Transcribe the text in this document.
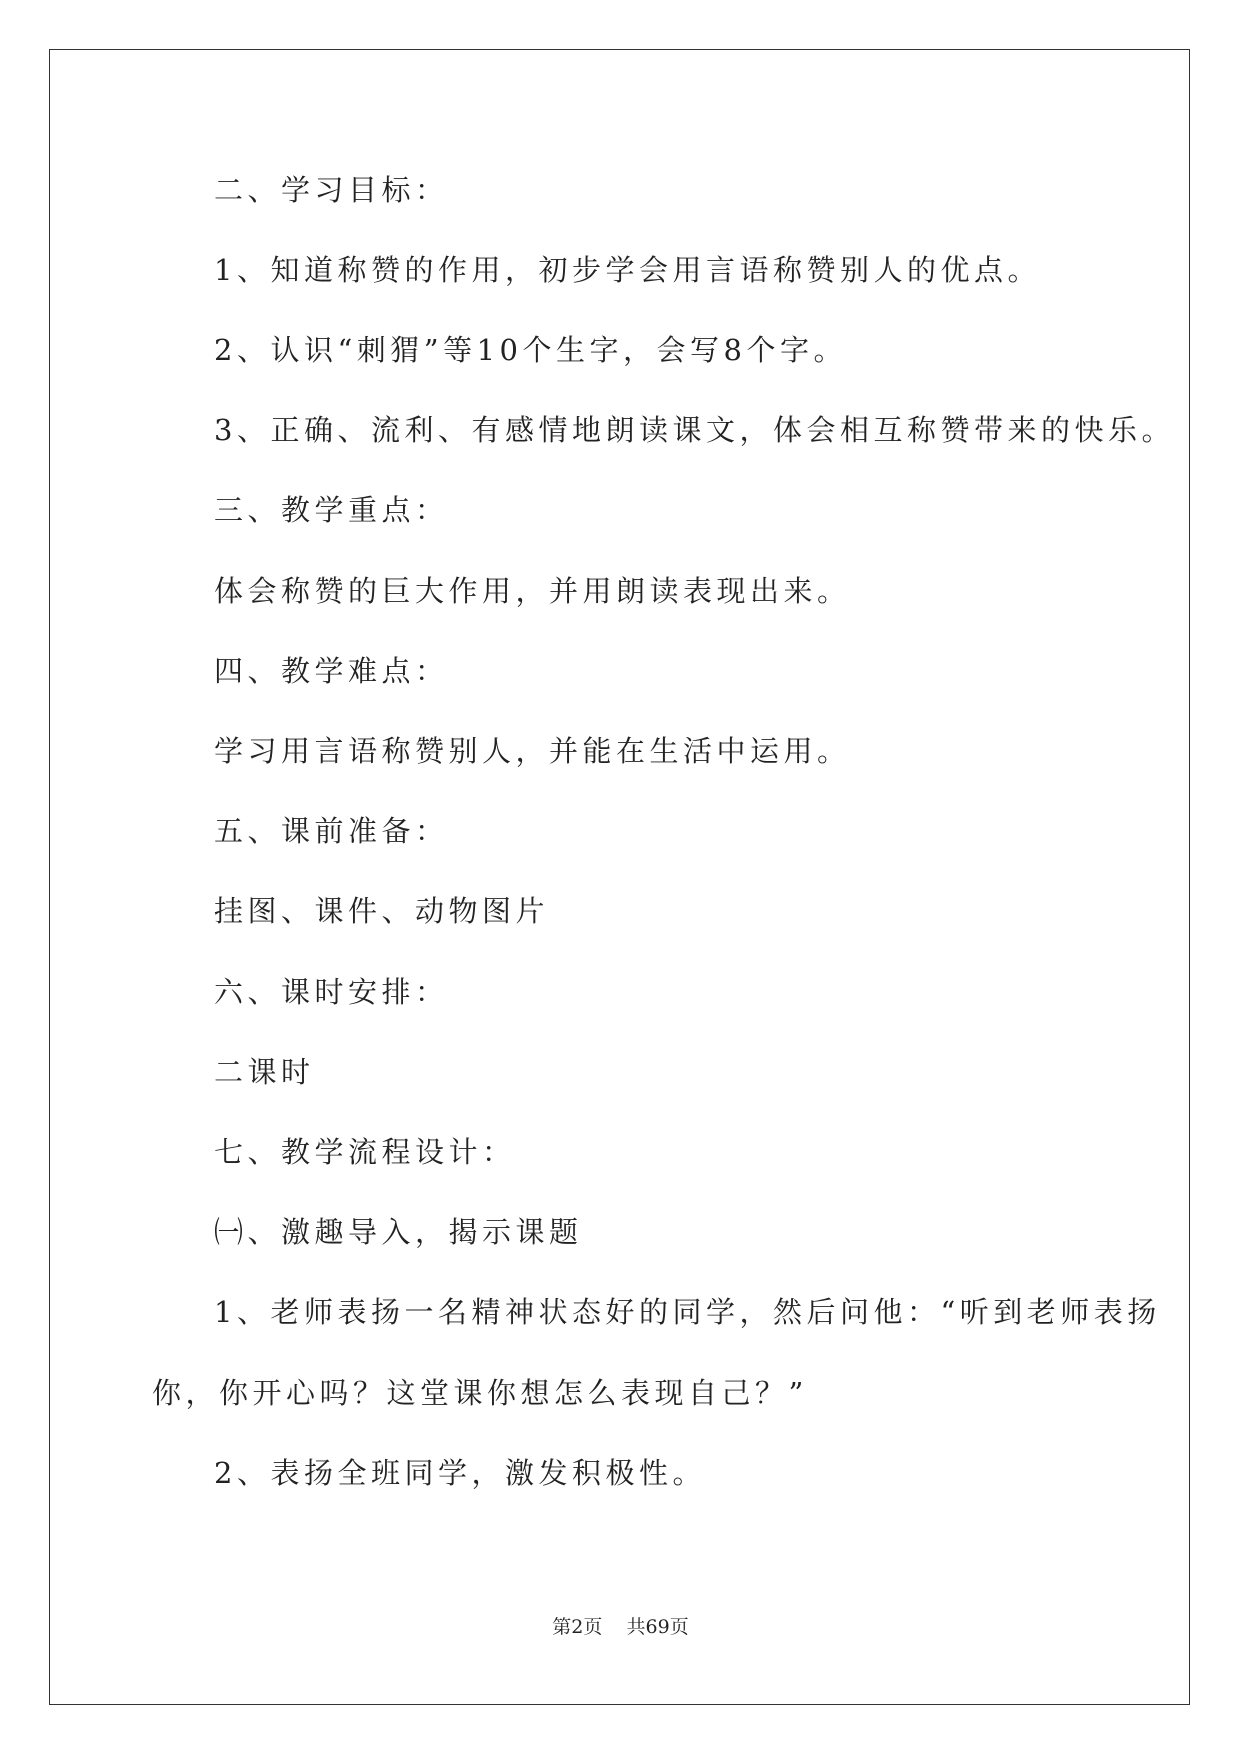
二、学习目标：
1、知道称赞的作用，初步学会用言语称赞别人的优点。
2、认识“刺猬”等10个生字，会写8个字。
3、正确、流利、有感情地朗读课文，体会相互称赞带来的快乐。
三、教学重点：
体会称赞的巨大作用，并用朗读表现出来。
四、教学难点：
学习用言语称赞别人，并能在生活中运用。
五、课前准备：
挂图、课件、动物图片
六、课时安排：
二课时
七、教学流程设计：
㈠、激趣导入，揭示课题
1、老师表扬一名精神状态好的同学，然后问他：“听到老师表扬
你，你开心吗？这堂课你想怎么表现自己？”
2、表扬全班同学，激发积极性。
第2页 共69页
